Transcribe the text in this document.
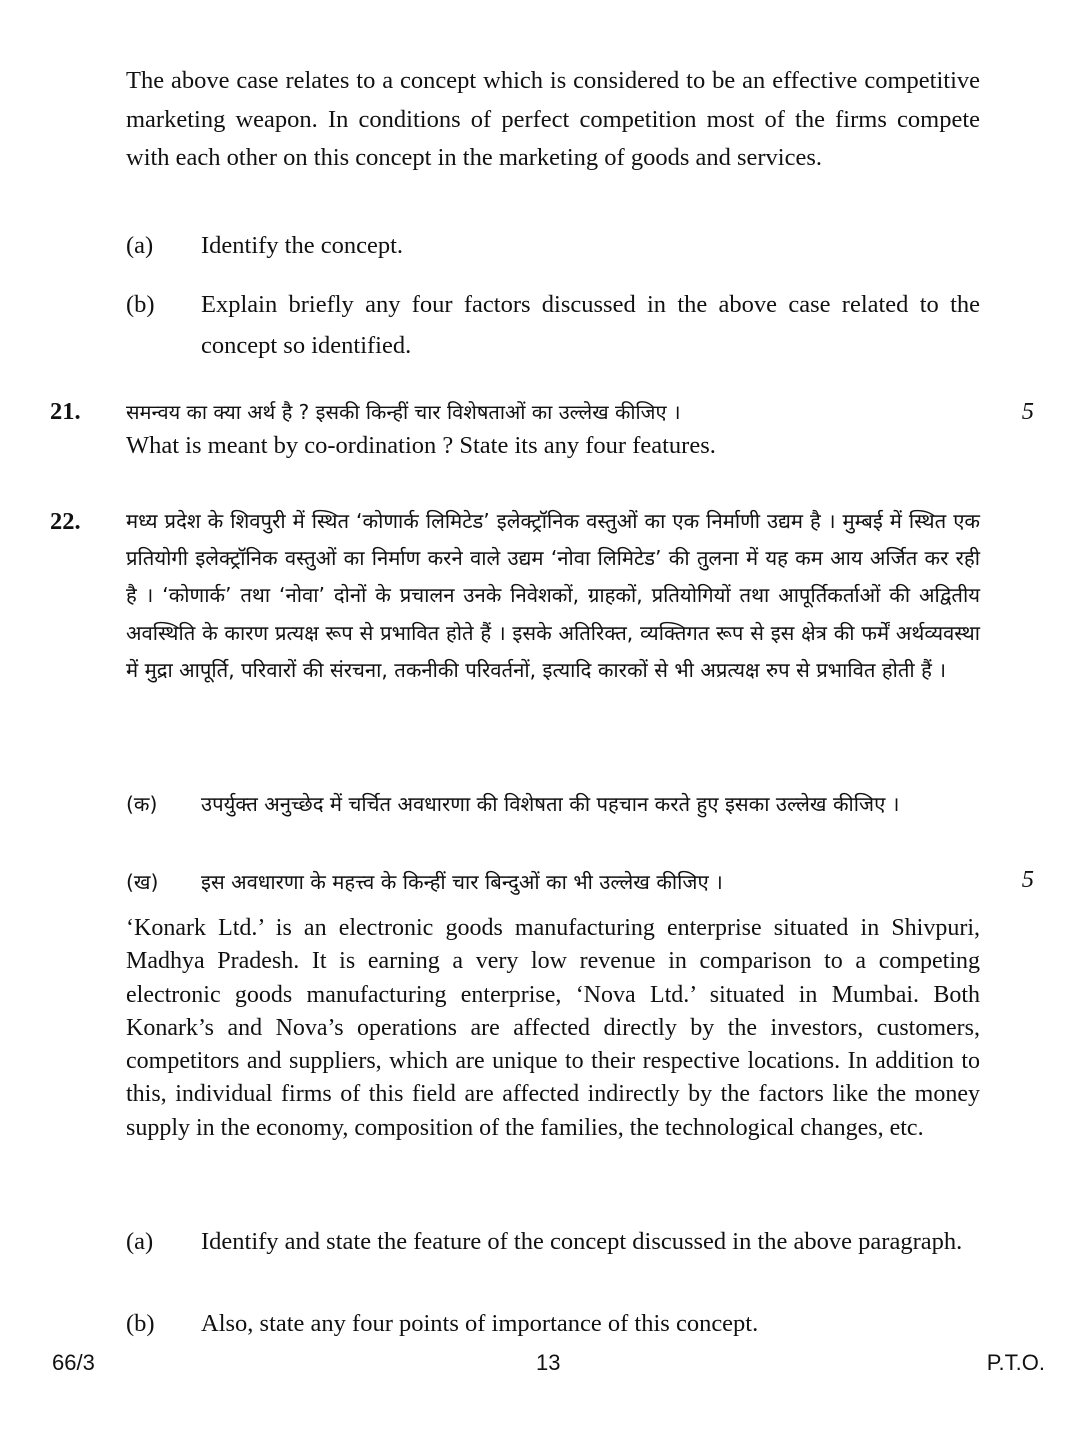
The above case relates to a concept which is considered to be an effective competitive marketing weapon. In conditions of perfect competition most of the firms compete with each other on this concept in the marketing of goods and services.
(a) Identify the concept.
(b) Explain briefly any four factors discussed in the above case related to the concept so identified.
21. समन्वय का क्या अर्थ है ? इसकी किन्हीं चार विशेषताओं का उल्लेख कीजिए ।
What is meant by co-ordination ? State its any four features.
5
22. मध्य प्रदेश के शिवपुरी में स्थित ‘कोणार्क लिमिटेड’ इलेक्ट्रॉनिक वस्तुओं का एक निर्माणी उद्यम है । मुम्बई में स्थित एक प्रतियोगी इलेक्ट्रॉनिक वस्तुओं का निर्माण करने वाले उद्यम ‘नोवा लिमिटेड’ की तुलना में यह कम आय अर्जित कर रही है । ‘कोणार्क’ तथा ‘नोवा’ दोनों के प्रचालन उनके निवेशकों, ग्राहकों, प्रतियोगियों तथा आपूर्तिकर्ताओं की अद्वितीय अवस्थिति के कारण प्रत्यक्ष रूप से प्रभावित होते हैं । इसके अतिरिक्त, व्यक्तिगत रूप से इस क्षेत्र की फर्में अर्थव्यवस्था में मुद्रा आपूर्ति, परिवारों की संरचना, तकनीकी परिवर्तनों, इत्यादि कारकों से भी अप्रत्यक्ष रुप से प्रभावित होती हैं ।
(क) उपर्युक्त अनुच्छेद में चर्चित अवधारणा की विशेषता की पहचान करते हुए इसका उल्लेख कीजिए ।
(ख) इस अवधारणा के महत्त्व के किन्हीं चार बिन्दुओं का भी उल्लेख कीजिए ।	5
‘Konark Ltd.’ is an electronic goods manufacturing enterprise situated in Shivpuri, Madhya Pradesh. It is earning a very low revenue in comparison to a competing electronic goods manufacturing enterprise, ‘Nova Ltd.’ situated in Mumbai. Both Konark’s and Nova’s operations are affected directly by the investors, customers, competitors and suppliers, which are unique to their respective locations. In addition to this, individual firms of this field are affected indirectly by the factors like the money supply in the economy, composition of the families, the technological changes, etc.
(a) Identify and state the feature of the concept discussed in the above paragraph.
(b) Also, state any four points of importance of this concept.
66/3	13	P.T.O.
